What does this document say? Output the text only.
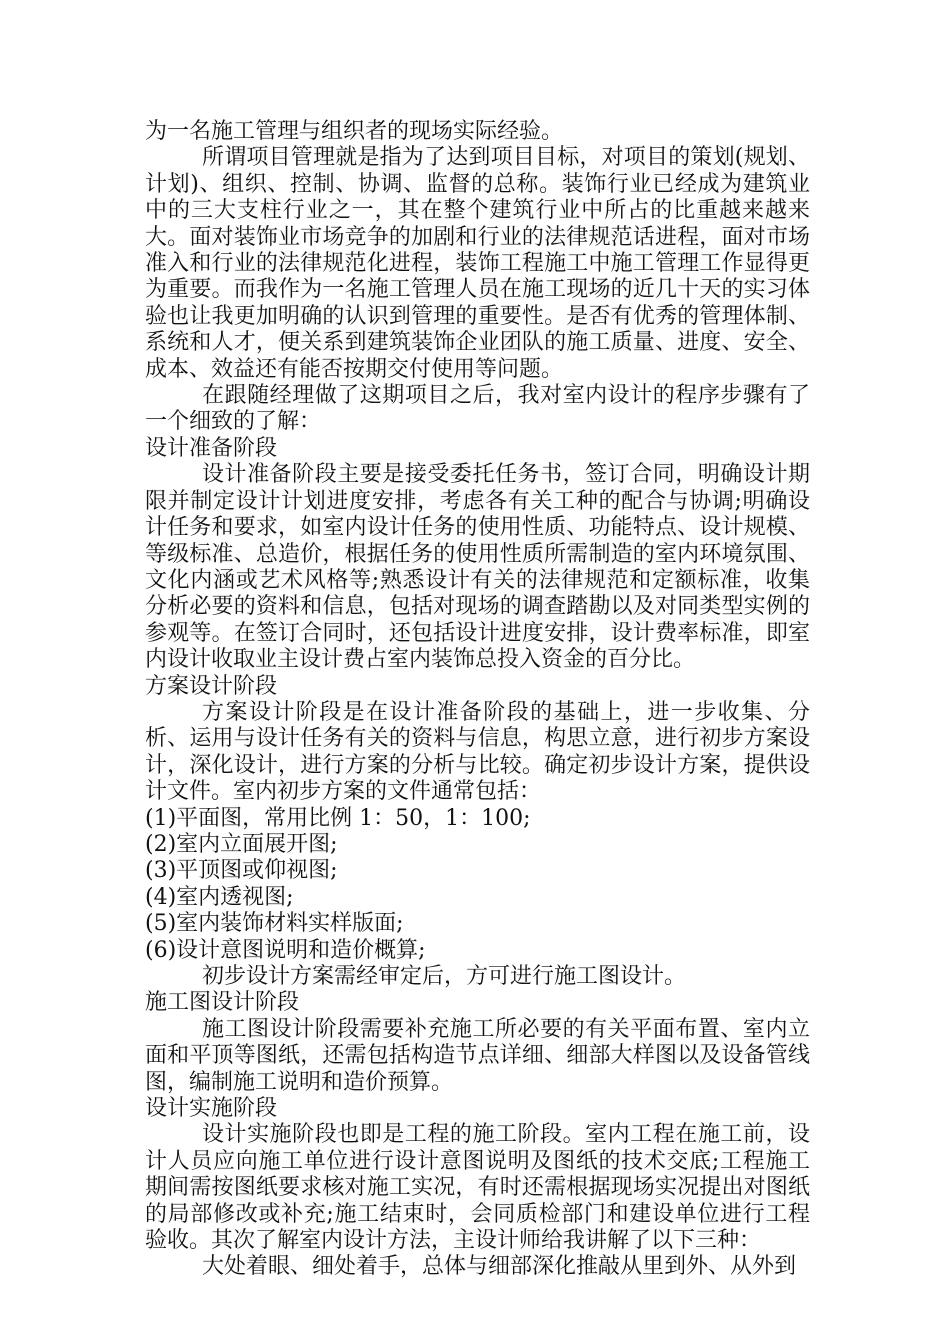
为一名施工管理与组织者的现场实际经验。

所谓项目管理就是指为了达到项目目标，对项目的策划(规划、计划)、组织、控制、协调、监督的总称。装饰行业已经成为建筑业中的三大支柱行业之一，其在整个建筑行业中所占的比重越来越来大。面对装饰业市场竞争的加剧和行业的法律规范话进程，面对市场准入和行业的法律规范化进程，装饰工程施工中施工管理工作显得更为重要。而我作为一名施工管理人员在施工现场的近几十天的实习体验也让我更加明确的认识到管理的重要性。是否有优秀的管理体制、系统和人才，便关系到建筑装饰企业团队的施工质量、进度、安全、成本、效益还有能否按期交付使用等问题。

在跟随经理做了这期项目之后，我对室内设计的程序步骤有了一个细致的了解：

设计准备阶段

设计准备阶段主要是接受委托任务书，签订合同，明确设计期限并制定设计计划进度安排，考虑各有关工种的配合与协调;明确设计任务和要求，如室内设计任务的使用性质、功能特点、设计规模、等级标准、总造价，根据任务的使用性质所需制造的室内环境氛围、文化内涵或艺术风格等;熟悉设计有关的法律规范和定额标准，收集分析必要的资料和信息，包括对现场的调查踏勘以及对同类型实例的参观等。在签订合同时，还包括设计进度安排，设计费率标准，即室内设计收取业主设计费占室内装饰总投入资金的百分比。

方案设计阶段

方案设计阶段是在设计准备阶段的基础上，进一步收集、分析、运用与设计任务有关的资料与信息，构思立意，进行初步方案设计，深化设计，进行方案的分析与比较。确定初步设计方案，提供设计文件。室内初步方案的文件通常包括：

(1)平面图，常用比例 1：50，1：100;

(2)室内立面展开图;

(3)平顶图或仰视图;

(4)室内透视图;

(5)室内装饰材料实样版面;

(6)设计意图说明和造价概算;

初步设计方案需经审定后，方可进行施工图设计。

施工图设计阶段

施工图设计阶段需要补充施工所必要的有关平面布置、室内立面和平顶等图纸，还需包括构造节点详细、细部大样图以及设备管线图，编制施工说明和造价预算。

设计实施阶段

设计实施阶段也即是工程的施工阶段。室内工程在施工前，设计人员应向施工单位进行设计意图说明及图纸的技术交底;工程施工期间需按图纸要求核对施工实况，有时还需根据现场实况提出对图纸的局部修改或补充;施工结束时，会同质检部门和建设单位进行工程验收。其次了解室内设计方法，主设计师给我讲解了以下三种：

大处着眼、细处着手，总体与细部深化推敲从里到外、从外到
